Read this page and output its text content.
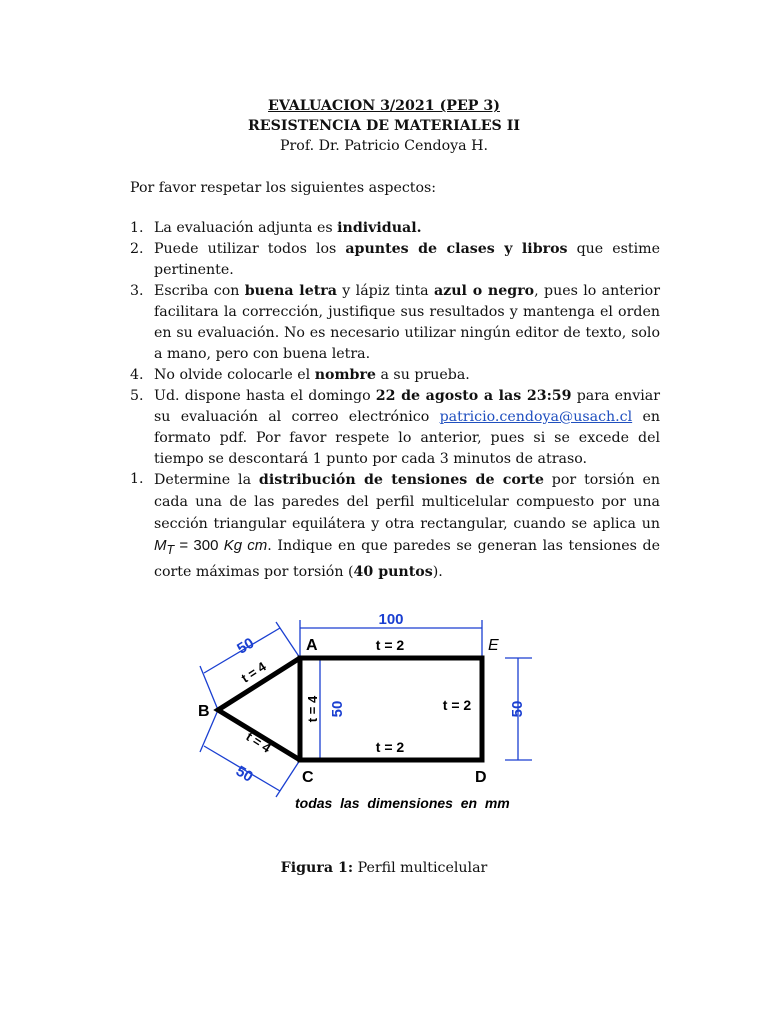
EVALUACION 3/2021 (PEP 3)
RESISTENCIA DE MATERIALES II
Prof. Dr. Patricio Cendoya H.
Por favor respetar los siguientes aspectos:
1. La evaluación adjunta es individual.
2. Puede utilizar todos los apuntes de clases y libros que estime pertinente.
3. Escriba con buena letra y lápiz tinta azul o negro, pues lo anterior facilitara la corrección, justifique sus resultados y mantenga el orden en su evaluación. No es necesario utilizar ningún editor de texto, solo a mano, pero con buena letra.
4. No olvide colocarle el nombre a su prueba.
5. Ud. dispone hasta el domingo 22 de agosto a las 23:59 para enviar su evaluación al correo electrónico patricio.cendoya@usach.cl en formato pdf. Por favor respete lo anterior, pues si se excede del tiempo se descontará 1 punto por cada 3 minutos de atraso.
1. Determine la distribución de tensiones de corte por torsión en cada una de las paredes del perfil multicelular compuesto por una sección triangular equilátera y otra rectangular, cuando se aplica un $M_T = 300$ Kg cm. Indique en que paredes se generan las tensiones de corte máximas por torsión (40 puntos).
100
50
50
50
50
A
B
C	D
E
t = 2
t = 2
t = 2
t = 4
t = 4
t = 4
todas  las  dimensiones  en  mm
Figura 1: Perfil multicelular
